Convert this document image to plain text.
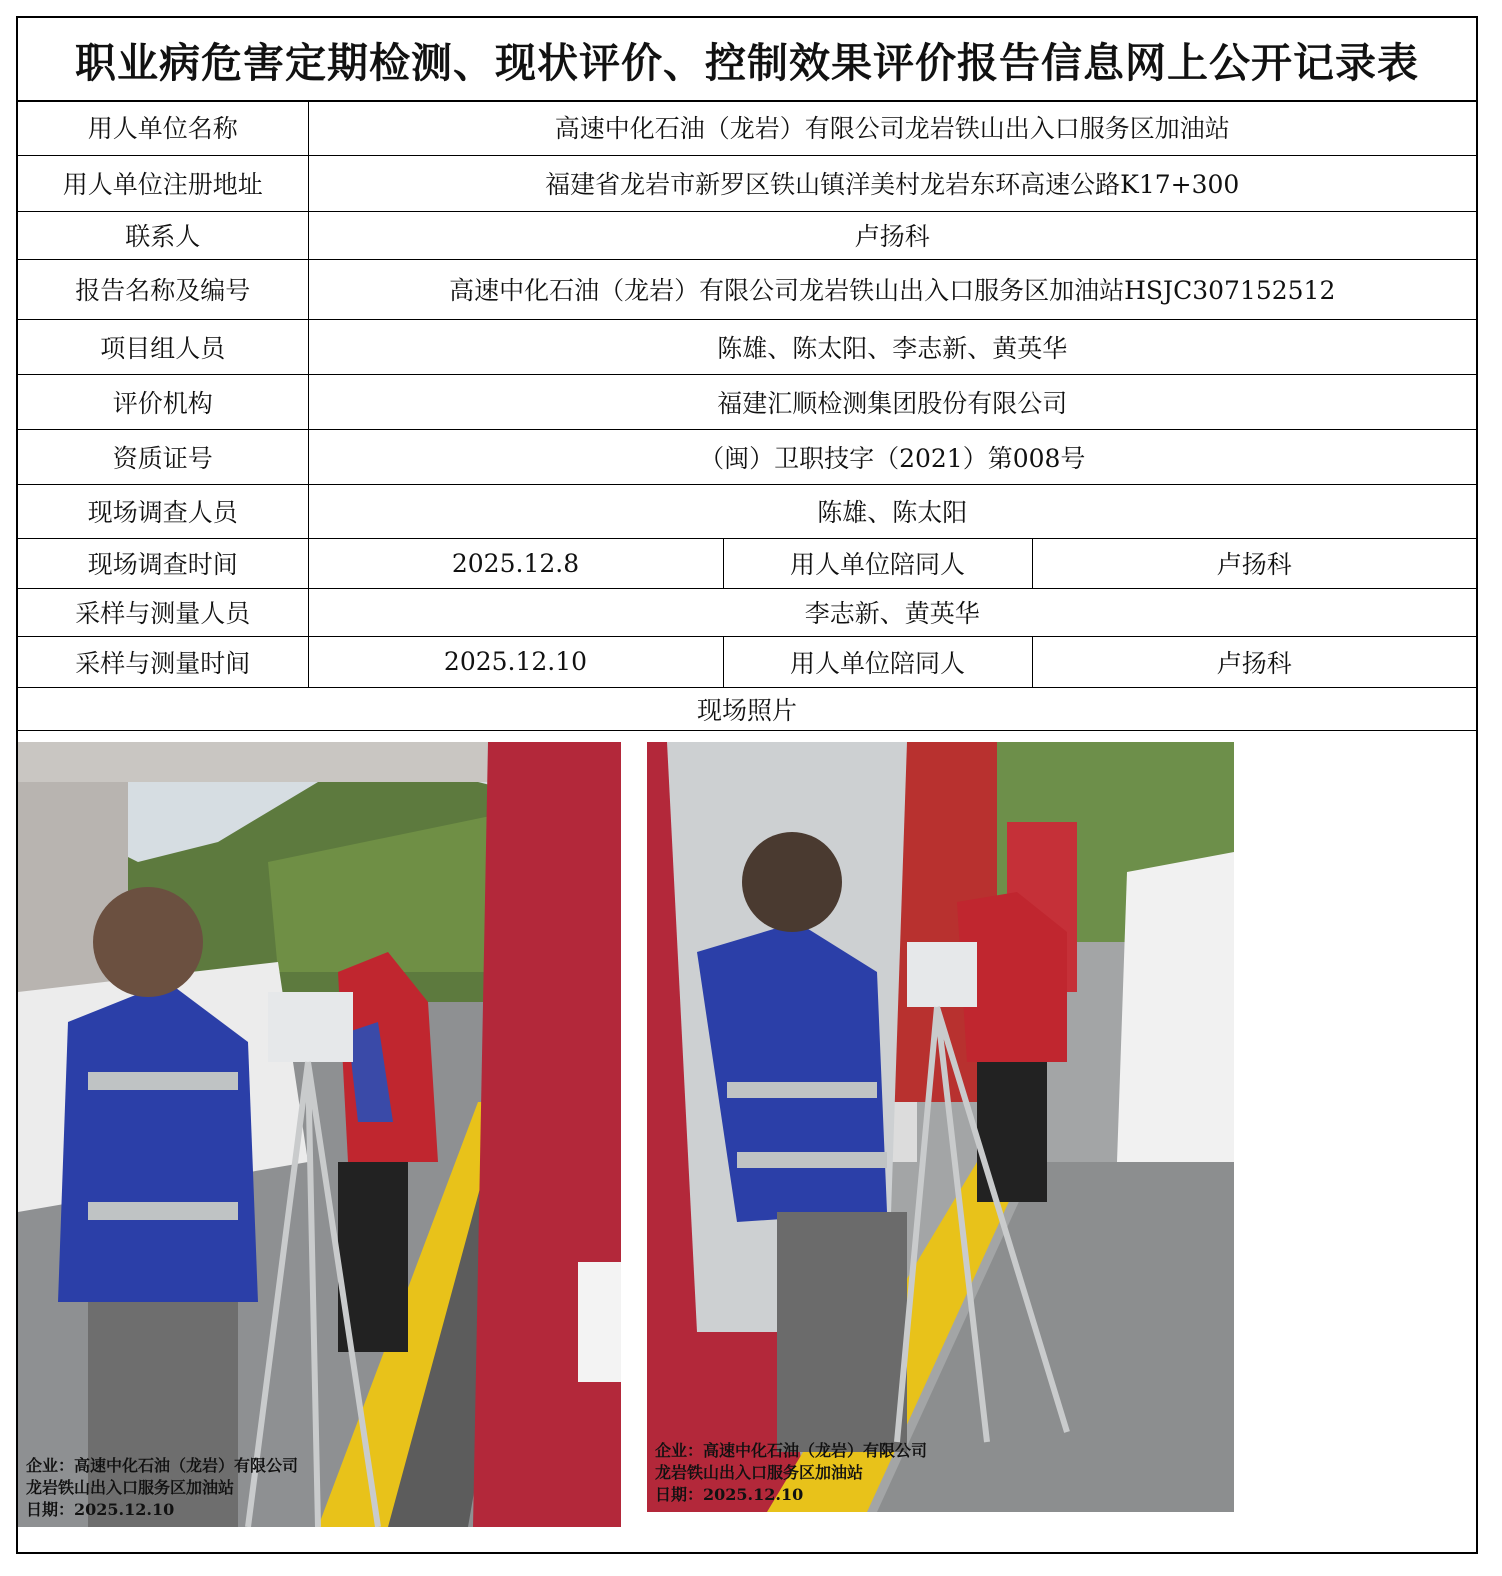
职业病危害定期检测、现状评价、控制效果评价报告信息网上公开记录表
用人单位名称	高速中化石油（龙岩）有限公司龙岩铁山出入口服务区加油站		
用人单位注册地址	福建省龙岩市新罗区铁山镇洋美村龙岩东环高速公路K17+300		
联系人	卢扬科		
报告名称及编号	高速中化石油（龙岩）有限公司龙岩铁山出入口服务区加油站HSJC307152512		
项目组人员	陈雄、陈太阳、李志新、黄英华		
评价机构	福建汇顺检测集团股份有限公司		
资质证号	（闽）卫职技字（2021）第008号		
现场调查人员	陈雄、陈太阳		
现场调查时间	2025.12.8	用人单位陪同人	卢扬科
采样与测量人员	李志新、黄英华		
采样与测量时间	2025.12.10	用人单位陪同人	卢扬科
现场照片			
企业：高速中化石油（龙岩）有限公司
龙岩铁山出入口服务区加油站
日期：2025.12.10
企业：高速中化石油（龙岩）有限公司
龙岩铁山出入口服务区加油站
日期：2025.12.10
